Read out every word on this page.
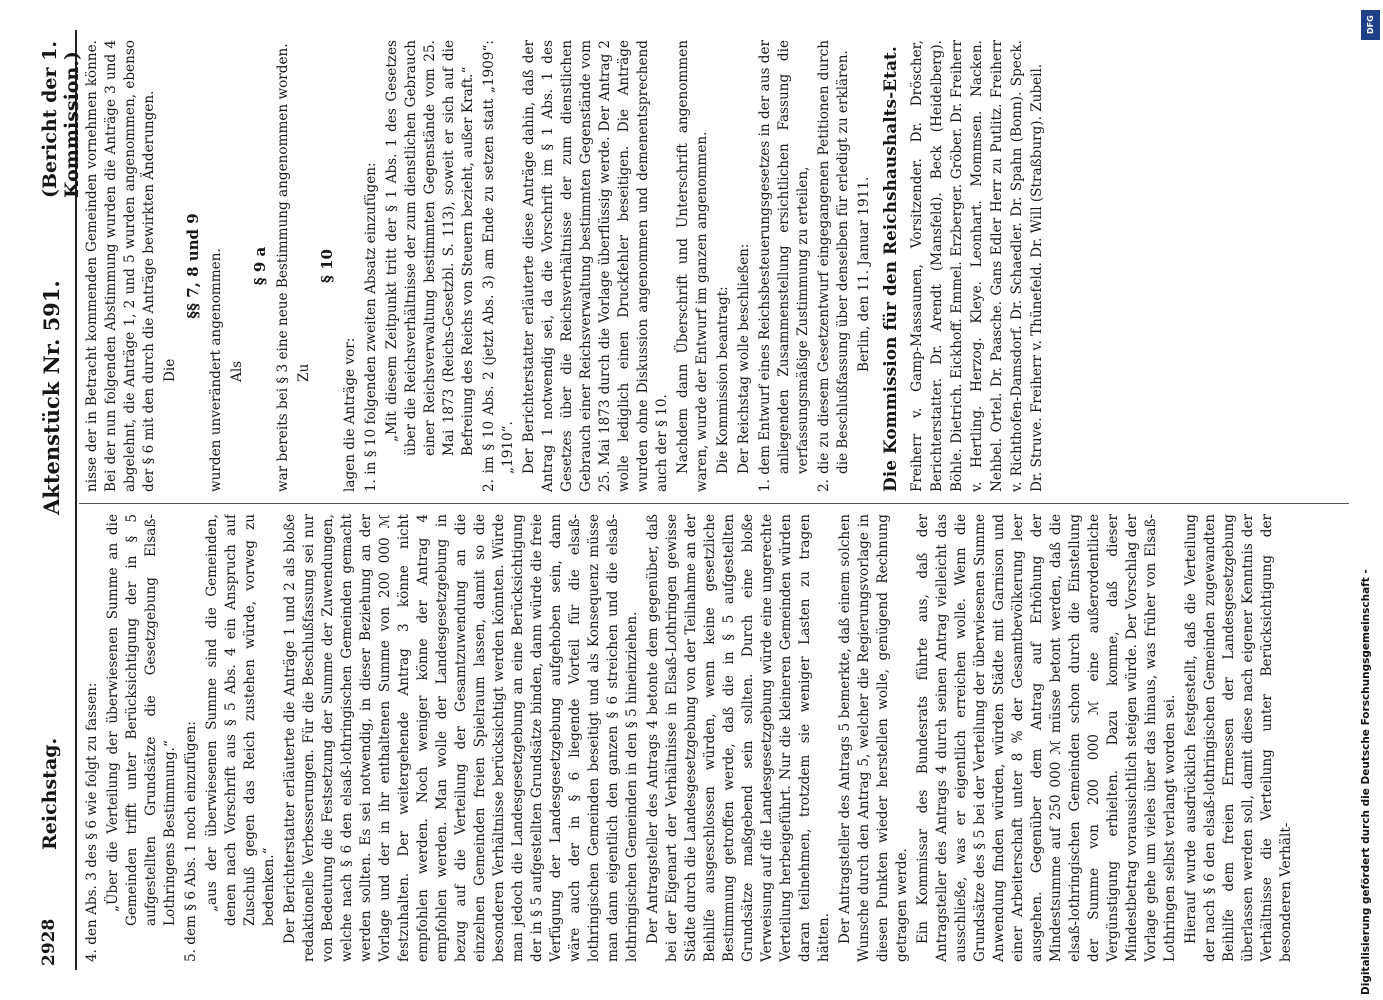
2928
Reichstag.
Aktenstück Nr. 591.
(Bericht der 1. Kommission.)

4. den Abs. 3 des § 6 wie folgt zu fassen: „Über die Verteilung der überwiesenen Summe an die Gemeinden trifft unter Berücksichtigung der in § 5 aufgestellten Grundsätze die Gesetzgebung Elsaß-Lothringens Bestimmung.“ 5. dem § 6 Abs. 1 noch einzufügen: „aus der überwiesenen Summe sind die Gemeinden, denen nach Vorschrift aus § 5 Abs. 4 ein Anspruch auf Zuschuß gegen das Reich zustehen würde, vorweg zu bedenken.“ Der Berichterstatter erläuterte die Anträge 1 und 2 als bloße redaktionelle Verbesserungen. Für die Beschlußfassung sei nur von Bedeutung die Festsetzung der Summe der Zuwendungen, welche nach § 6 den elsaß-lothringischen Gemeinden gemacht werden sollten. Es sei notwendig, in dieser Beziehung an der Vorlage und der in ihr enthaltenen Summe von 200 000 ℳ festzuhalten. Der weitergehende Antrag 3 könne nicht empfohlen werden. Noch weniger könne der Antrag 4 empfohlen werden. Man wolle der Landesgesetzgebung in bezug auf die Verteilung der Gesamtzuwendung an die einzelnen Gemeinden freien Spielraum lassen, damit so die besonderen Verhältnisse berücksichtigt werden könnten. Würde man jedoch die Landesgesetzgebung an eine Berücksichtigung der in § 5 aufgestellten Grundsätze binden, dann würde die freie Verfügung der Landesgesetzgebung aufgehoben sein, dann wäre auch der in § 6 liegende Vorteil für die elsaß-lothringischen Gemeinden beseitigt und als Konsequenz müsse man dann eigentlich den ganzen § 6 streichen und die elsaß-lothringischen Gemeinden in den § 5 hineinziehen. Der Antragsteller des Antrags 4 betonte dem gegenüber, daß bei der Eigenart der Verhältnisse in Elsaß-Lothringen gewisse Städte durch die Landesgesetzgebung von der Teilnahme an der Beihilfe ausgeschlossen würden, wenn keine gesetzliche Bestimmung getroffen werde, daß die in § 5 aufgestellten Grundsätze maßgebend sein sollten. Durch eine bloße Verweisung auf die Landesgesetzgebung würde eine ungerechte Verteilung herbeigeführt. Nur die kleineren Gemeinden würden daran teilnehmen, trotzdem sie weniger Lasten zu tragen hätten. Der Antragsteller des Antrags 5 bemerkte, daß einem solchen Wunsche durch den Antrag 5, welcher die Regierungsvorlage in diesen Punkten wieder herstellen wolle, genügend Rechnung getragen werde. Ein Kommissar des Bundesrats führte aus, daß der Antragsteller des Antrags 4 durch seinen Antrag vielleicht das ausschließe, was er eigentlich erreichen wolle. Wenn die Grundsätze des § 5 bei der Verteilung der überwiesenen Summe Anwendung finden würden, würden Städte mit Garnison und einer Arbeiterschaft unter 8 % der Gesamtbevölkerung leer ausgehen. Gegenüber dem Antrag auf Erhöhung der Mindestsumme auf 250 000 ℳ müsse betont werden, daß die elsaß-lothringischen Gemeinden schon durch die Einstellung der Summe von 200 000 ℳ eine außerordentliche Vergünstigung erhielten. Dazu komme, daß dieser Mindestbetrag voraussichtlich steigen würde. Der Vorschlag der Vorlage gehe um vieles über das hinaus, was früher von Elsaß-Lothringen selbst verlangt worden sei. Hierauf wurde ausdrücklich festgestellt, daß die Verteilung der nach § 6 den elsaß-lothringischen Gemeinden zugewandten Beihilfe dem freien Ermessen der Landesgesetzgebung überlassen werden soll, damit diese nach eigener Kenntnis der Verhältnisse die Verteilung unter Berücksichtigung der besonderen Verhält-

nisse der in Betracht kommenden Gemeinden vornehmen könne. Bei der nun folgenden Abstimmung wurden die Anträge 3 und 4 abgelehnt, die Anträge 1, 2 und 5 wurden angenommen, ebenso der § 6 mit den durch die Anträge bewirkten Änderungen. Die

§§ 7, 8 und 9 wurden unverändert angenommen. Als

§ 9 a war bereits bei § 3 eine neue Bestimmung angenommen worden. Zu

§ 10

lagen die Anträge vor: 1. in § 10 folgenden zweiten Absatz einzufügen: „Mit diesem Zeitpunkt tritt der § 1 Abs. 1 des Gesetzes über die Reichsverhältnisse der zum dienstlichen Gebrauch einer Reichsverwaltung bestimmten Gegenstände vom 25. Mai 1873 (Reichs-Gesetzbl. S. 113), soweit er sich auf die Befreiung des Reichs von Steuern bezieht, außer Kraft.“ 2. im § 10 Abs. 2 (jetzt Abs. 3) am Ende zu setzen statt „1909“: „1910“. Der Berichterstatter erläuterte diese Anträge dahin, daß der Antrag 1 notwendig sei, da die Vorschrift im § 1 Abs. 1 des Gesetzes über die Reichsverhältnisse der zum dienstlichen Gebrauch einer Reichsverwaltung bestimmten Gegenstände vom 25. Mai 1873 durch die Vorlage überflüssig werde. Der Antrag 2 wolle lediglich einen Druckfehler beseitigen. Die Anträge wurden ohne Diskussion angenommen und demenentsprechend auch der § 10. Nachdem dann Überschrift und Unterschrift angenommen waren, wurde der Entwurf im ganzen angenommen. Die Kommission beantragt: Der Reichstag wolle beschließen: 1. dem Entwurf eines Reichsbesteuerungsgesetzes in der aus der anliegenden Zusammenstellung ersichtlichen Fassung die verfassungsmäßige Zustimmung zu erteilen, 2. die zu diesem Gesetzentwurf eingegangenen Petitionen durch die Beschlußfassung über denselben für erledigt zu erklären. Berlin, den 11. Januar 1911. Die Kommission für den Reichshaushalts-Etat. Freiherr v. Gamp-Massaunen, Vorsitzender. Dr. Dröscher, Berichterstatter. Dr. Arendt (Mansfeld). Beck (Heidelberg). Böhle. Dietrich. Eickhoff. Emmel. Erzberger. Gröber. Dr. Freiherr v. Hertling. Herzog. Kleye. Leonhart. Mommsen. Nacken. Nehbel. Ortel. Dr. Paasche. Gans Edler Herr zu Putlitz. Freiherr v. Richthofen-Damsdorf. Dr. Schaedler. Dr. Spahn (Bonn). Speck. Dr. Struve. Freiherr v. Thünefeld. Dr. Will (Straßburg). Zubeil.

DFG
Digitalisierung gefördert durch die Deutsche Forschungsgemeinschaft -
